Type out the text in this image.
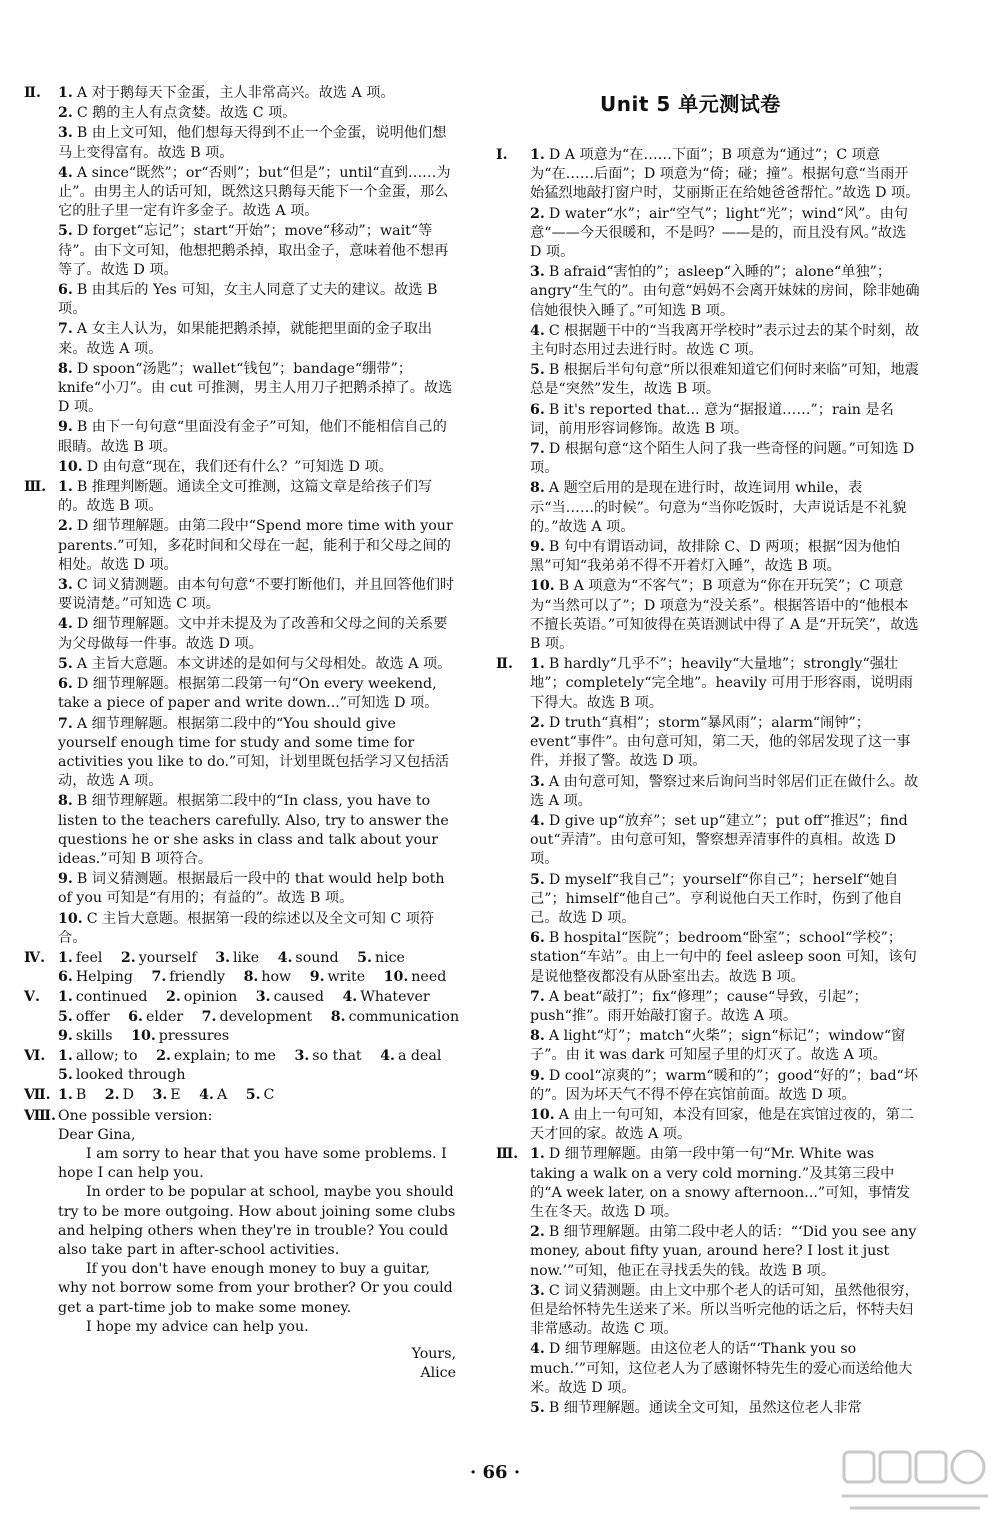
Ⅱ. 1. A 对于鹅每天下金蛋，主人非常高兴。故选 A 项。
2. C 鹅的主人有点贪婪。故选 C 项。
3. B 由上文可知，他们想每天得到不止一个金蛋，说明他们想马上变得富有。故选 B 项。
4. A since“既然”；or“否则”；but“但是”；until“直到……为止”。由男主人的话可知，既然这只鹅每天能下一个金蛋，那么它的肚子里一定有许多金子。故选 A 项。
5. D forget“忘记”；start“开始”；move“移动”；wait“等待”。由下文可知，他想把鹅杀掉，取出金子，意味着他不想再等了。故选 D 项。
6. B 由其后的 Yes 可知，女主人同意了丈夫的建议。故选 B 项。
7. A 女主人认为，如果能把鹅杀掉，就能把里面的金子取出来。故选 A 项。
8. D spoon“汤匙”；wallet“钱包”；bandage“绷带”；knife“小刀”。由 cut 可推测，男主人用刀子把鹅杀掉了。故选 D 项。
9. B 由下一句句意“里面没有金子”可知，他们不能相信自己的眼睛。故选 B 项。
10. D 由句意“现在，我们还有什么？”可知选 D 项。
Ⅲ. 1. B 推理判断题。通读全文可推测，这篇文章是给孩子们写的。故选 B 项。
2. D 细节理解题。由第二段中“Spend more time with your parents.”可知，多花时间和父母在一起，能利于和父母之间的相处。故选 D 项。
3. C 词义猜测题。由本句句意“不要打断他们，并且回答他们时要说清楚。”可知选 C 项。
4. D 细节理解题。文中并未提及为了改善和父母之间的关系要为父母做每一件事。故选 D 项。
5. A 主旨大意题。本文讲述的是如何与父母相处。故选 A 项。
6. D 细节理解题。根据第二段第一句“On every weekend, take a piece of paper and write down...”可知选 D 项。
7. A 细节理解题。根据第二段中的“You should give yourself enough time for study and some time for activities you like to do.”可知，计划里既包括学习又包括活动，故选 A 项。
8. B 细节理解题。根据第二段中的“In class, you have to listen to the teachers carefully. Also, try to answer the questions he or she asks in class and talk about your ideas.”可知 B 项符合。
9. B 词义猜测题。根据最后一段中的 that would help both of you 可知是“有用的；有益的”。故选 B 项。
10. C 主旨大意题。根据第一段的综述以及全文可知 C 项符合。
Ⅳ. 1. feel 2. yourself 3. like 4. sound 5. nice
6. Helping 7. friendly 8. how 9. write 10. need
Ⅴ. 1. continued 2. opinion 3. caused 4. Whatever
5. offer 6. elder 7. development 8. communication
9. skills 10. pressures
Ⅵ. 1. allow; to 2. explain; to me 3. so that 4. a deal
5. looked through
Ⅶ. 1. B 2. D 3. E 4. A 5. C
Ⅷ. One possible version:

Dear Gina,

I am sorry to hear that you have some problems. I hope I can help you.

In order to be popular at school, maybe you should try to be more outgoing. How about joining some clubs and helping others when they're in trouble? You could also take part in after-school activities.

If you don't have enough money to buy a guitar, why not borrow some from your brother? Or you could get a part-time job to make some money.

I hope my advice can help you.

Yours,

Alice

Unit 5 单元测试卷
Ⅰ. 1. D A 项意为“在……下面”；B 项意为“通过”；C 项意为“在……后面”；D 项意为“倚；碰；撞”。根据句意“当雨开始猛烈地敲打窗户时，艾丽斯正在给她爸爸帮忙。”故选 D 项。
2. D water“水”；air“空气”；light“光”；wind“风”。由句意“——今天很暖和，不是吗？——是的，而且没有风。”故选 D 项。
3. B afraid“害怕的”；asleep“入睡的”；alone“单独”；angry“生气的”。由句意“妈妈不会离开妹妹的房间，除非她确信她很快入睡了。”可知选 B 项。
4. C 根据题干中的“当我离开学校时”表示过去的某个时刻，故主句时态用过去进行时。故选 C 项。
5. B 根据后半句句意“所以很难知道它们何时来临”可知，地震总是“突然”发生，故选 B 项。
6. B it's reported that... 意为“据报道……”；rain 是名词，前用形容词修饰。故选 B 项。
7. D 根据句意“这个陌生人问了我一些奇怪的问题。”可知选 D 项。
8. A 题空后用的是现在进行时，故连词用 while，表示“当……的时候”。句意为“当你吃饭时，大声说话是不礼貌的。”故选 A 项。
9. B 句中有谓语动词，故排除 C、D 两项；根据“因为他怕黑”可知“我弟弟不得不开着灯入睡”，故选 B 项。
10. B A 项意为“不客气”；B 项意为“你在开玩笑”；C 项意为“当然可以了”；D 项意为“没关系”。根据答语中的“他根本不擅长英语。”可知彼得在英语测试中得了 A 是“开玩笑”，故选 B 项。
Ⅱ. 1. B hardly“几乎不”；heavily“大量地”；strongly“强壮地”；completely“完全地”。heavily 可用于形容雨，说明雨下得大。故选 B 项。
2. D truth“真相”；storm“暴风雨”；alarm“闹钟”；event“事件”。由句意可知，第二天，他的邻居发现了这一事件，并报了警。故选 D 项。
3. A 由句意可知，警察过来后询问当时邻居们正在做什么。故选 A 项。
4. D give up“放弃”；set up“建立”；put off“推迟”；find out“弄清”。由句意可知，警察想弄清事件的真相。故选 D 项。
5. D myself“我自己”；yourself“你自己”；herself“她自己”；himself“他自己”。亨利说他白天工作时，伤到了他自己。故选 D 项。
6. B hospital“医院”；bedroom“卧室”；school“学校”；station“车站”。由上一句中的 feel asleep soon 可知，该句是说他整夜都没有从卧室出去。故选 B 项。
7. A beat“敲打”；fix“修理”；cause“导致，引起”；push“推”。雨开始敲打窗子。故选 A 项。
8. A light“灯”；match“火柴”；sign“标记”；window“窗子”。由 it was dark 可知屋子里的灯灭了。故选 A 项。
9. D cool“凉爽的”；warm“暖和的”；good“好的”；bad“坏的”。因为坏天气不得不停在宾馆前面。故选 D 项。
10. A 由上一句可知，本没有回家，他是在宾馆过夜的，第二天才回的家。故选 A 项。
Ⅲ. 1. D 细节理解题。由第一段中第一句“Mr. White was taking a walk on a very cold morning.”及其第三段中的“A week later, on a snowy afternoon...”可知，事情发生在冬天。故选 D 项。
2. B 细节理解题。由第二段中老人的话：“‘Did you see any money, about fifty yuan, around here? I lost it just now.’”可知，他正在寻找丢失的钱。故选 B 项。
3. C 词义猜测题。由上文中那个老人的话可知，虽然他很穷，但是给怀特先生送来了米。所以当听完他的话之后，怀特夫妇非常感动。故选 C 项。
4. D 细节理解题。由这位老人的话“‘Thank you so much.’”可知，这位老人为了感谢怀特先生的爱心而送给他大米。故选 D 项。
5. B 细节理解题。通读全文可知，虽然这位老人非常
· 66 ·
